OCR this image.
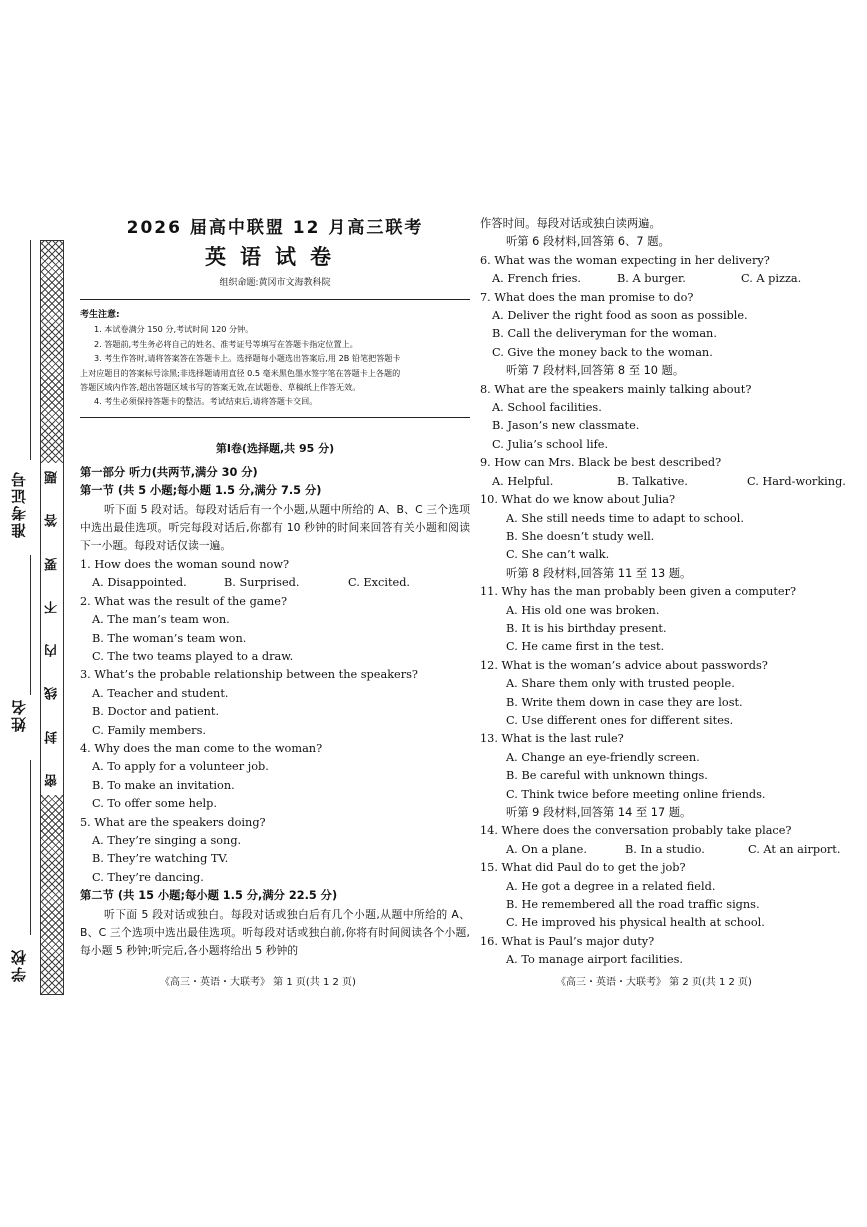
准考证号
姓名
学校
题
答
要
不
内
线
封
密
2026 届高中联盟 12 月高三联考
英语试卷
组织命题:黄冈市文海教科院
考生注意:
1. 本试卷满分 150 分,考试时间 120 分钟。
2. 答题前,考生务必将自己的姓名、准考证号等填写在答题卡指定位置上。
3. 考生作答时,请将答案答在答题卡上。选择题每小题选出答案后,用 2B 铅笔把答题卡
上对应题目的答案标号涂黑;非选择题请用直径 0.5 毫米黑色墨水签字笔在答题卡上各题的
答题区域内作答,超出答题区域书写的答案无效,在试题卷、草稿纸上作答无效。
4. 考生必须保持答题卡的整洁。考试结束后,请将答题卡交回。
第Ⅰ卷(选择题,共 95 分)
第一部分 听力(共两节,满分 30 分)
第一节 (共 5 小题;每小题 1.5 分,满分 7.5 分)
听下面 5 段对话。每段对话后有一个小题,从题中所给的 A、B、C 三个选项中选出最佳选项。听完每段对话后,你都有 10 秒钟的时间来回答有关小题和阅读下一小题。每段对话仅读一遍。
1. How does the woman sound now?
A. Disappointed.	B. Surprised.	C. Excited.
2. What was the result of the game?
A. The man’s team won.
B. The woman’s team won.
C. The two teams played to a draw.
3. What’s the probable relationship between the speakers?
A. Teacher and student.
B. Doctor and patient.
C. Family members.
4. Why does the man come to the woman?
A. To apply for a volunteer job.
B. To make an invitation.
C. To offer some help.
5. What are the speakers doing?
A. They’re singing a song.
B. They’re watching TV.
C. They’re dancing.
第二节 (共 15 小题;每小题 1.5 分,满分 22.5 分)
听下面 5 段对话或独白。每段对话或独白后有几个小题,从题中所给的 A、B、C 三个选项中选出最佳选项。听每段对话或独白前,你将有时间阅读各个小题,每小题 5 秒钟;听完后,各小题将给出 5 秒钟的
作答时间。每段对话或独白读两遍。
听第 6 段材料,回答第 6、7 题。
6. What was the woman expecting in her delivery?
A. French fries.	B. A burger.	C. A pizza.
7. What does the man promise to do?
A. Deliver the right food as soon as possible.
B. Call the deliveryman for the woman.
C. Give the money back to the woman.
听第 7 段材料,回答第 8 至 10 题。
8. What are the speakers mainly talking about?
A. School facilities.
B. Jason’s new classmate.
C. Julia’s school life.
9. How can Mrs. Black be best described?
A. Helpful.	B. Talkative.	C. Hard-working.
10. What do we know about Julia?
A. She still needs time to adapt to school.
B. She doesn’t study well.
C. She can’t walk.
听第 8 段材料,回答第 11 至 13 题。
11. Why has the man probably been given a computer?
A. His old one was broken.
B. It is his birthday present.
C. He came first in the test.
12. What is the woman’s advice about passwords?
A. Share them only with trusted people.
B. Write them down in case they are lost.
C. Use different ones for different sites.
13. What is the last rule?
A. Change an eye-friendly screen.
B. Be careful with unknown things.
C. Think twice before meeting online friends.
听第 9 段材料,回答第 14 至 17 题。
14. Where does the conversation probably take place?
A. On a plane.	B. In a studio.	C. At an airport.
15. What did Paul do to get the job?
A. He got a degree in a related field.
B. He remembered all the road traffic signs.
C. He improved his physical health at school.
16. What is Paul’s major duty?
A. To manage airport facilities.
《高三・英语・大联考》 第 1 页(共 1 2 页)	《高三・英语・大联考》 第 2 页(共 1 2 页)
